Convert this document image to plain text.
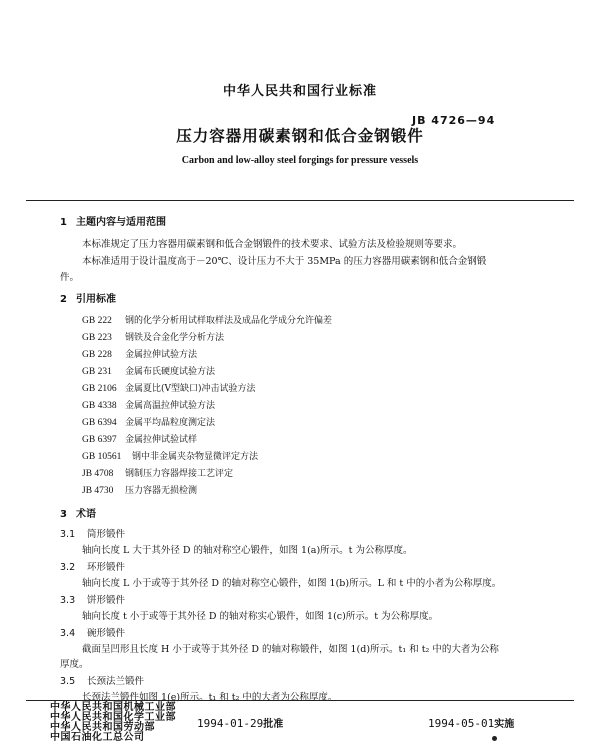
中华人民共和国行业标准
JB 4726—94
压力容器用碳素钢和低合金钢锻件
Carbon and low-alloy steel forgings for pressure vessels
1 主题内容与适用范围
本标准规定了压力容器用碳素钢和低合金钢锻件的技术要求、试验方法及检验规则等要求。
本标准适用于设计温度高于－20℃、设计压力不大于 35MPa 的压力容器用碳素钢和低合金钢锻
件。
2 引用标准
GB 222 钢的化学分析用试样取样法及成品化学成分允许偏差
GB 223 钢铁及合金化学分析方法
GB 228 金属拉伸试验方法
GB 231 金属布氏硬度试验方法
GB 2106 金属夏比(V型缺口)冲击试验方法
GB 4338 金属高温拉伸试验方法
GB 6394 金属平均晶粒度测定法
GB 6397 金属拉伸试验试样
GB 10561 钢中非金属夹杂物显微评定方法
JB 4708 钢制压力容器焊接工艺评定
JB 4730 压力容器无损检测
3 术语
3.1 筒形锻件
轴向长度 L 大于其外径 D 的轴对称空心锻件，如图 1(a)所示。t 为公称厚度。
3.2 环形锻件
轴向长度 L 小于或等于其外径 D 的轴对称空心锻件，如图 1(b)所示。L 和 t 中的小者为公称厚度。
3.3 饼形锻件
轴向长度 t 小于或等于其外径 D 的轴对称实心锻件，如图 1(c)所示。t 为公称厚度。
3.4 碗形锻件
截面呈凹形且长度 H 小于或等于其外径 D 的轴对称锻件，如图 1(d)所示。t₁ 和 t₂ 中的大者为公称
厚度。
3.5 长颈法兰锻件
长颈法兰锻件如图 1(e)所示。t₁ 和 t₂ 中的大者为公称厚度。
中华人民共和国机械工业部
中华人民共和国化学工业部
中华人民共和国劳动部
中国石油化工总公司
1994-01-29批准	1994-05-01实施
